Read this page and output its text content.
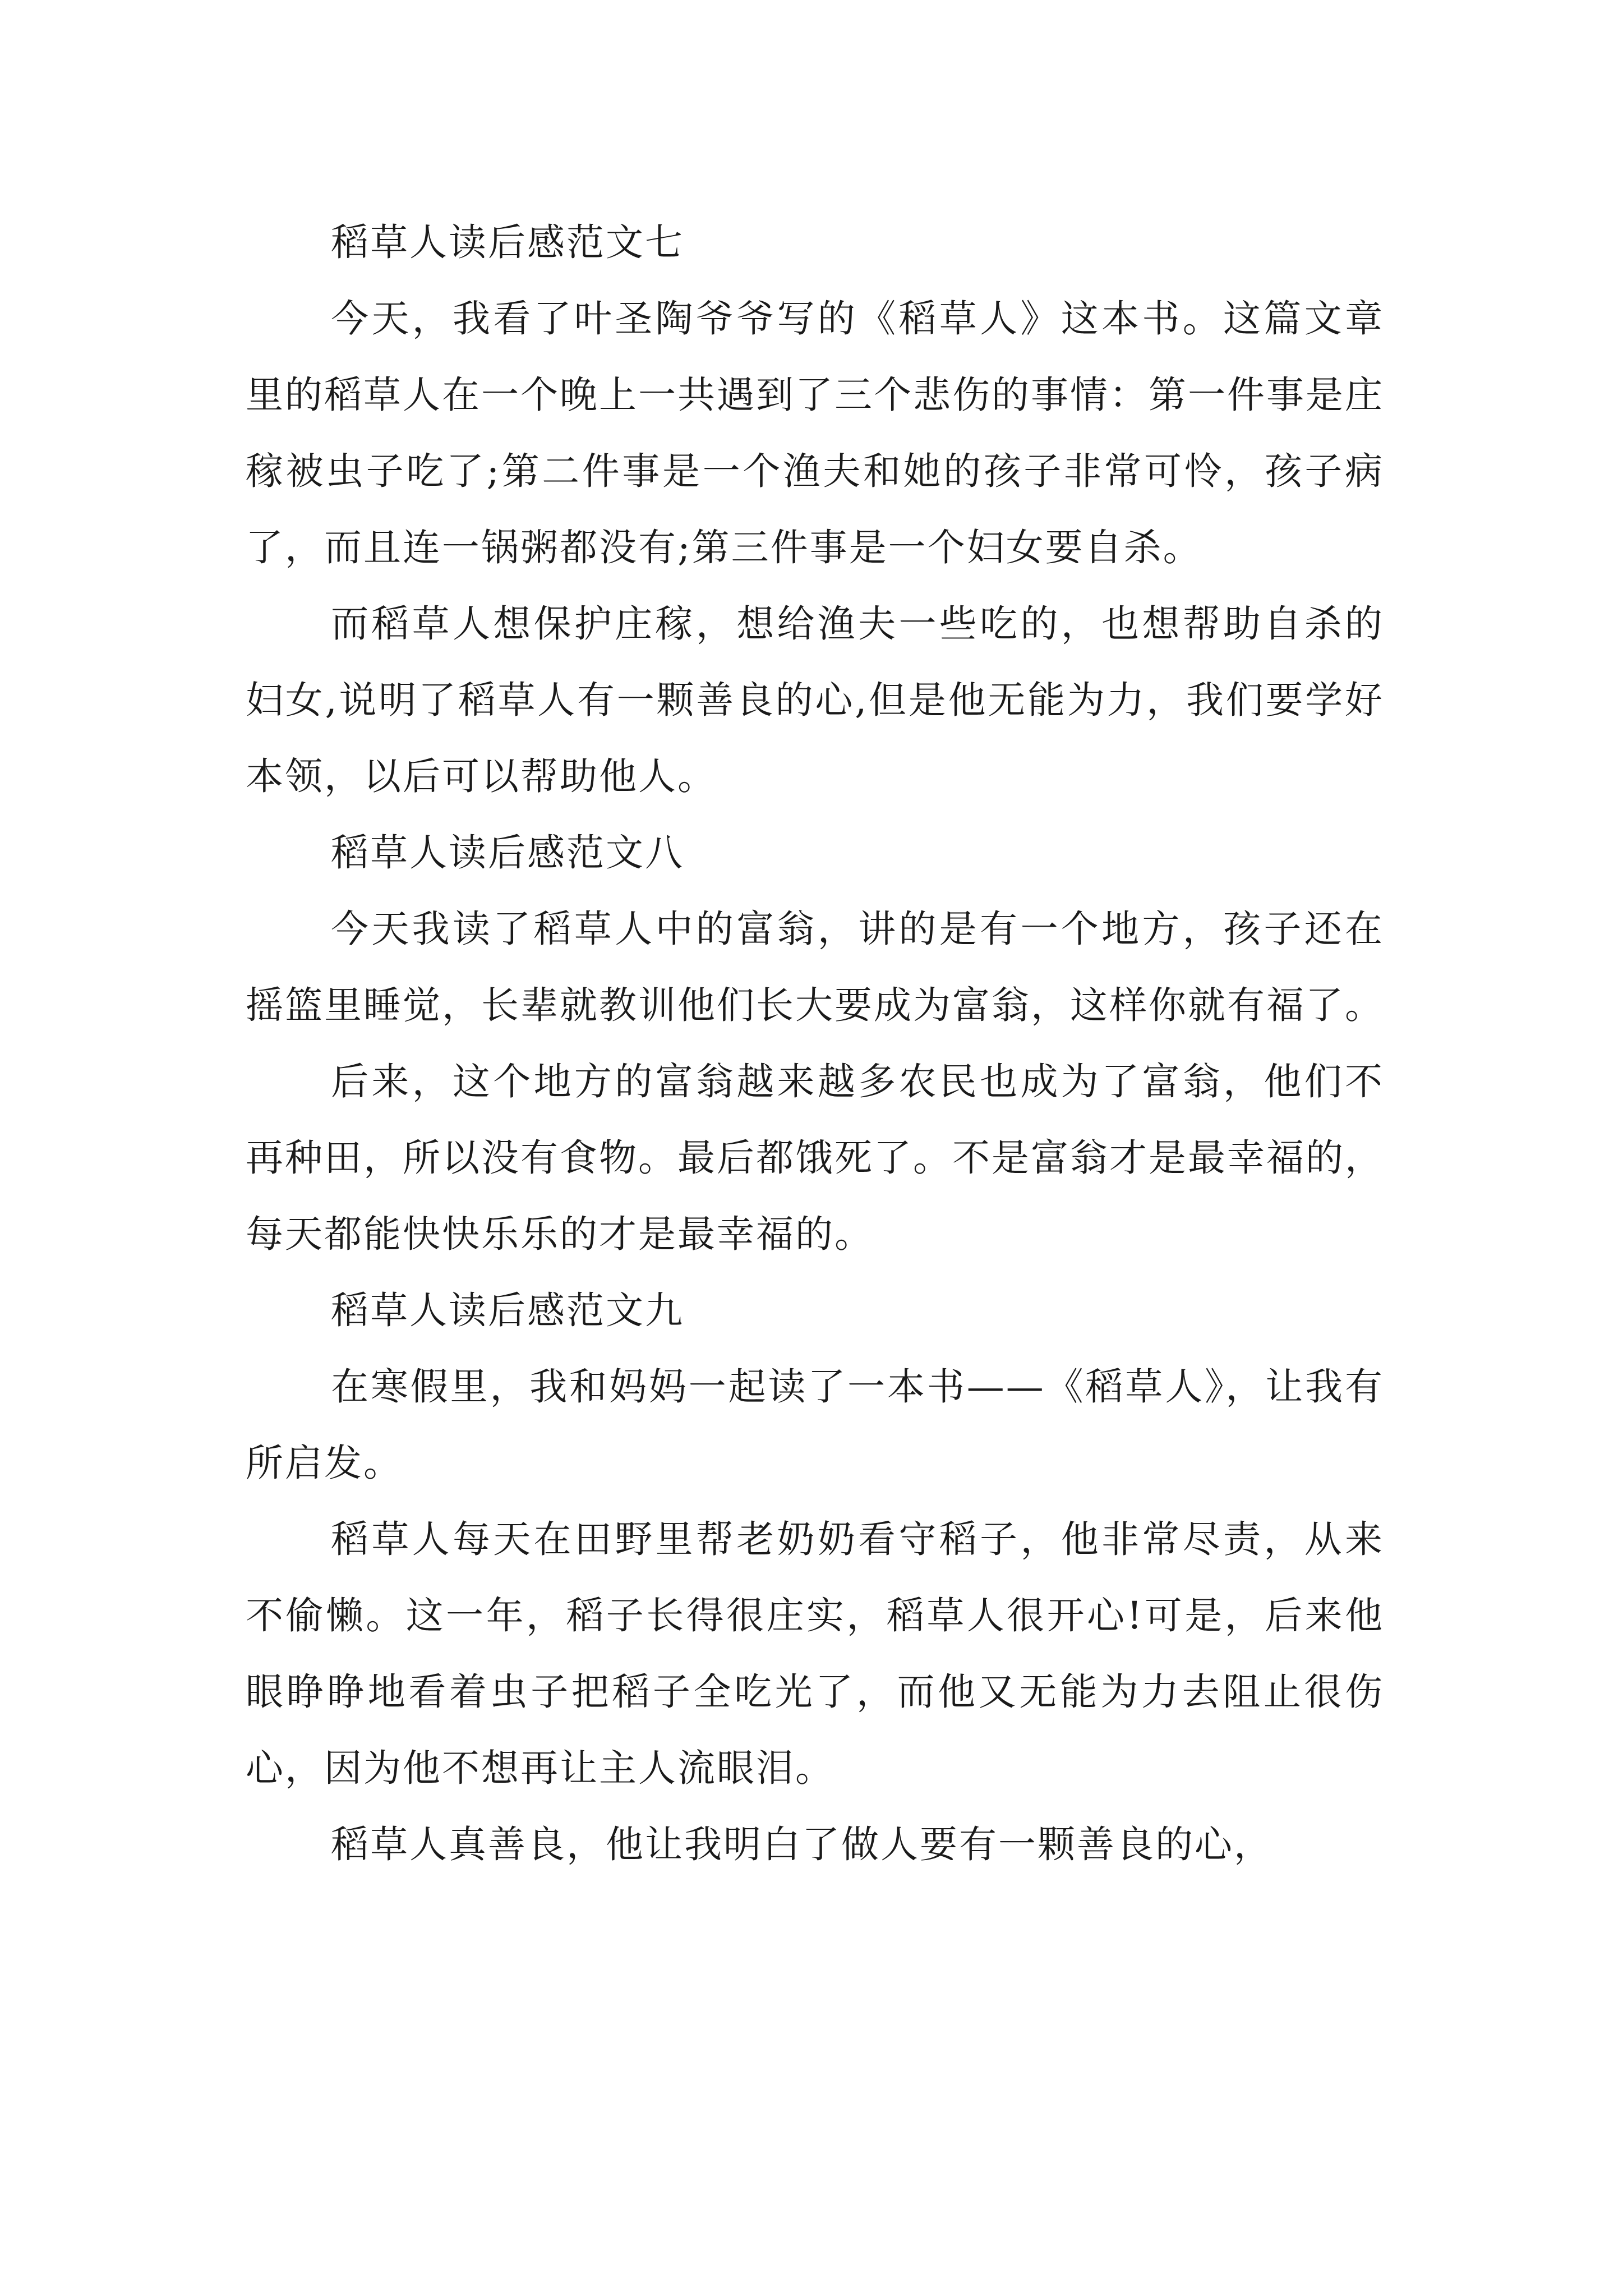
稻草人读后感范文七

今天，我看了叶圣陶爷爷写的《稻草人》这本书。这篇文章里的稻草人在一个晚上一共遇到了三个悲伤的事情：第一件事是庄稼被虫子吃了;第二件事是一个渔夫和她的孩子非常可怜，孩子病了，而且连一锅粥都没有;第三件事是一个妇女要自杀。

而稻草人想保护庄稼，想给渔夫一些吃的，也想帮助自杀的妇女,说明了稻草人有一颗善良的心,但是他无能为力，我们要学好本领，以后可以帮助他人。

稻草人读后感范文八

今天我读了稻草人中的富翁，讲的是有一个地方，孩子还在摇篮里睡觉，长辈就教训他们长大要成为富翁，这样你就有福了。

后来，这个地方的富翁越来越多农民也成为了富翁，他们不再种田，所以没有食物。最后都饿死了。不是富翁才是最幸福的，每天都能快快乐乐的才是最幸福的。

稻草人读后感范文九

在寒假里，我和妈妈一起读了一本书——《稻草人》，让我有所启发。

稻草人每天在田野里帮老奶奶看守稻子，他非常尽责，从来不偷懒。这一年，稻子长得很庄实，稻草人很开心!可是，后来他眼睁睁地看着虫子把稻子全吃光了，而他又无能为力去阻止很伤心，因为他不想再让主人流眼泪。

稻草人真善良，他让我明白了做人要有一颗善良的心，
